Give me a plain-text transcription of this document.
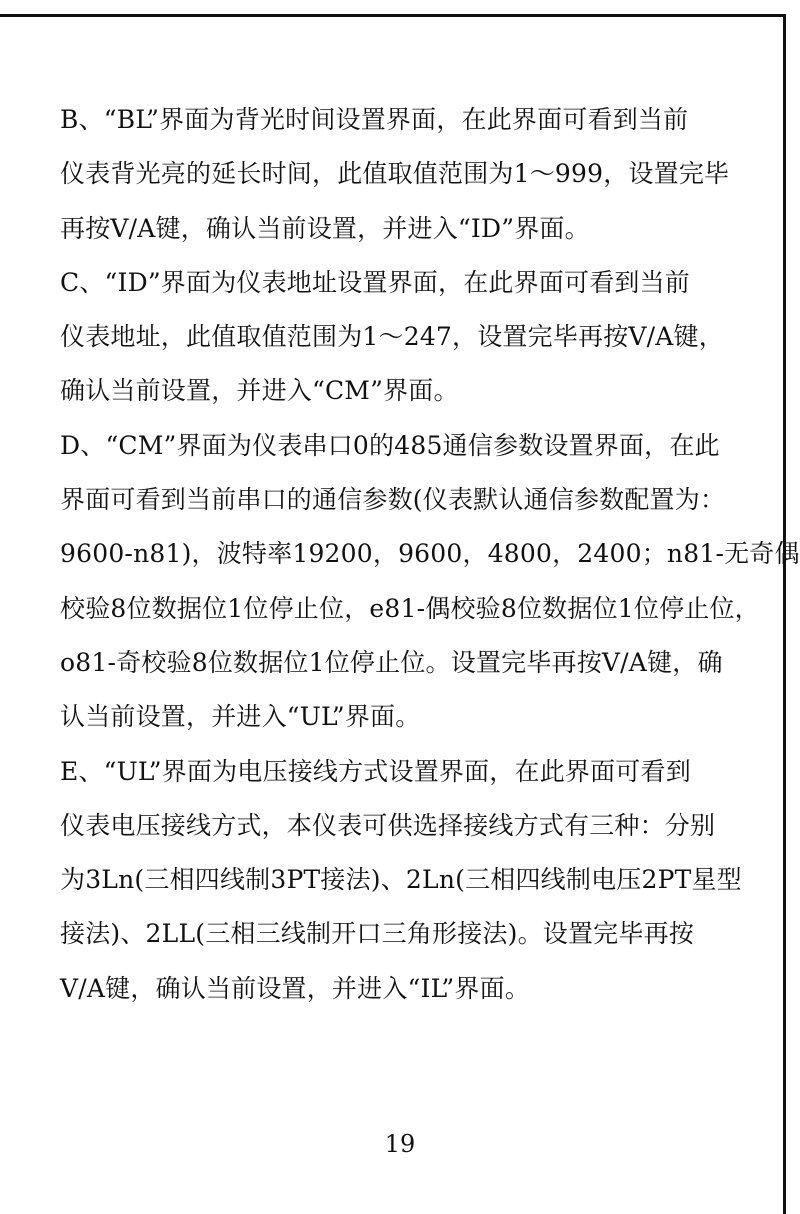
B、“BL”界面为背光时间设置界面，在此界面可看到当前
仪表背光亮的延长时间，此值取值范围为1～999，设置完毕
再按V/A键，确认当前设置，并进入“ID”界面。
C、“ID”界面为仪表地址设置界面，在此界面可看到当前
仪表地址，此值取值范围为1～247，设置完毕再按V/A键，
确认当前设置，并进入“CM”界面。
D、“CM”界面为仪表串口0的485通信参数设置界面，在此
界面可看到当前串口的通信参数(仪表默认通信参数配置为：
9600-n81)，波特率19200，9600，4800，2400；n81-无奇偶
校验8位数据位1位停止位，e81-偶校验8位数据位1位停止位，
o81-奇校验8位数据位1位停止位。设置完毕再按V/A键，确
认当前设置，并进入“UL”界面。
E、“UL”界面为电压接线方式设置界面，在此界面可看到
仪表电压接线方式，本仪表可供选择接线方式有三种：分别
为3Ln(三相四线制3PT接法)、2Ln(三相四线制电压2PT星型
接法)、2LL(三相三线制开口三角形接法)。设置完毕再按
V/A键，确认当前设置，并进入“IL”界面。
19
